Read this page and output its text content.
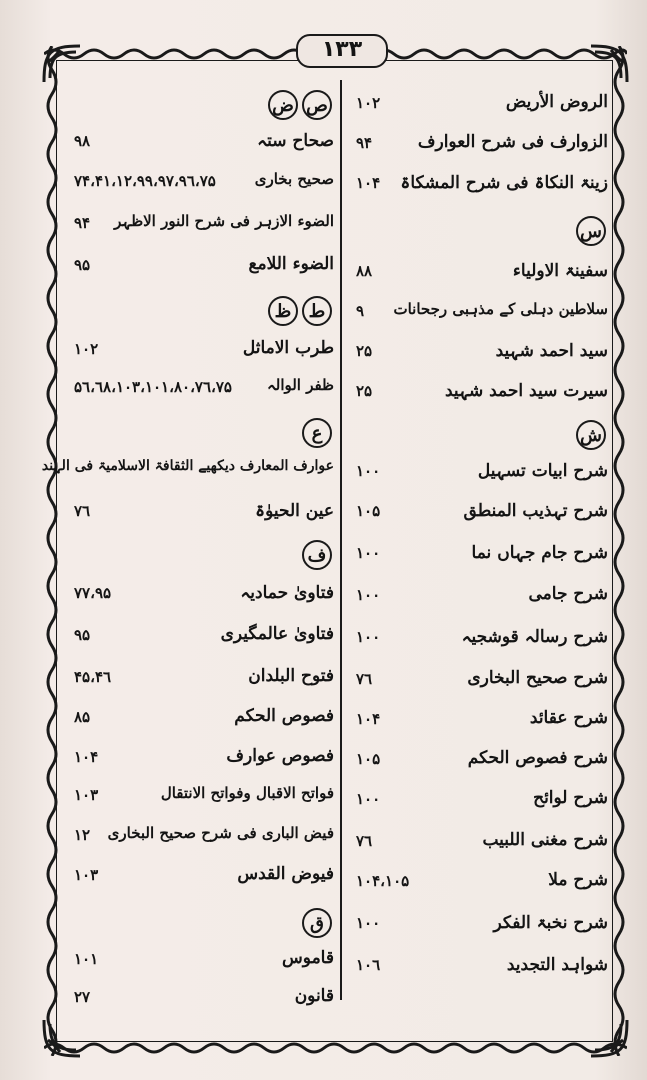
١٣٣
الروض الأریض
١٠٢
الزوارف فی شرح العوارف
٩۴
زینۃ النکاۃ فی شرح المشکاۃ
١٠۴
س
سفینۃ الاولیاء
٨٨
سلاطین دہلی کے مذہبی رجحانات
٩
سید احمد شہید
٢۵
سیرت سید احمد شہید
٢۵
ش
شرح ابیات تسہیل
١٠٠
شرح تہذیب المنطق
١٠۵
شرح جام جہاں نما
١٠٠
شرح جامی
١٠٠
شرح رسالہ قوشجیہ
١٠٠
شرح صحیح البخاری
٧٦
شرح عقائد
١٠۴
شرح فصوص الحکم
١٠۵
شرح لوائح
١٠٠
شرح مغنی اللبیب
٧٦
شرح ملا
١٠۵،١٠۴
شرح نخبۃ الفکر
١٠٠
شواہد التجدید
١٠٦
ص
ض
صحاح ستہ
٩٨
صحیح بخاری
٩٩،٩٧،٩٦،٧۵،٧۴،۴١،١٢
الضوء الازہر فی شرح النور الاظہر
٩۴
الضوء اللامع
٩۵
ط
ظ
طرب الاماثل
١٠٢
ظفر الوالہ
١٠٣،١٠١،٨٠،٧٦،٧۵،٦٨،۵٦
ع
عوارف المعارف دیکھیے الثقافۃ الاسلامیۃ فی الہند
عین الحیوٰۃ
٧٦
ف
فتاویٰ حمادیہ
٩۵،٧٧
فتاویٰ عالمگیری
٩۵
فتوح البلدان
۴٦،۴۵
فصوص الحکم
٨۵
فصوص عوارف
١٠۴
فواتح الاقبال وفواتح الانتقال
١٠٣
فیض الباری فی شرح صحیح البخاری
١٢
فیوض القدس
١٠٣
ق
قاموس
١٠١
قانون
٢٧
